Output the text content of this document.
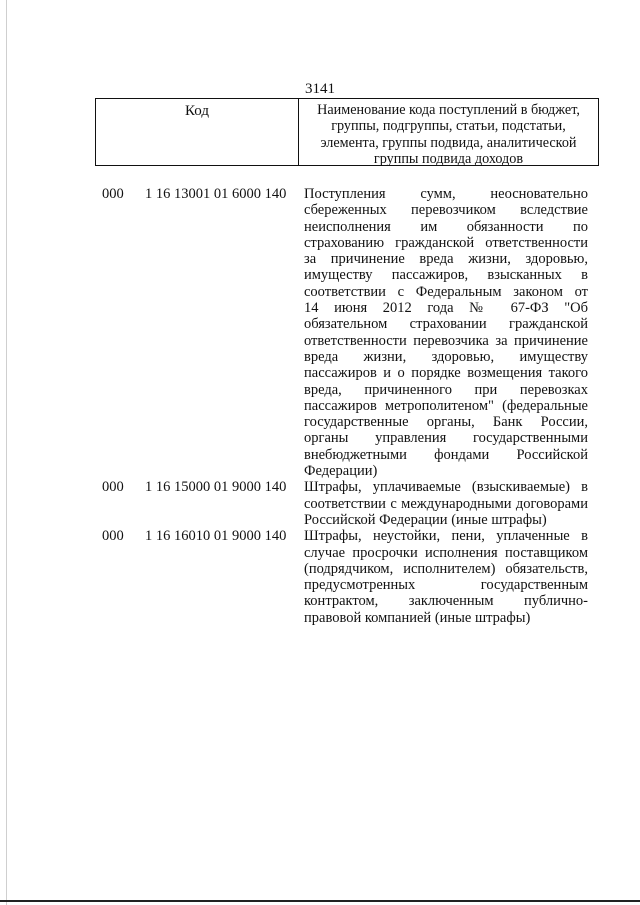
3141
Код	Наименование кода поступлений в бюджет,
группы, подгруппы, статьи, подстатьи,
элемента, группы подвида, аналитической
группы подвида доходов
000 1 16 13001 01 6000 140 Поступления сумм, неосновательно
сбереженных перевозчиком вследствие
неисполнения им обязанности по
страхованию гражданской ответственности
за причинение вреда жизни, здоровью,
имуществу пассажиров, взысканных в
соответствии с Федеральным законом от
14 июня 2012 года № 67-ФЗ "Об
обязательном страховании гражданской
ответственности перевозчика за причинение
вреда жизни, здоровью, имуществу
пассажиров и о порядке возмещения такого
вреда, причиненного при перевозках
пассажиров метрополитеном" (федеральные
государственные органы, Банк России,
органы управления государственными
внебюджетными фондами Российской
Федерации)
000 1 16 15000 01 9000 140 Штрафы, уплачиваемые (взыскиваемые) в
соответствии с международными договорами
Российской Федерации (иные штрафы)
000 1 16 16010 01 9000 140 Штрафы, неустойки, пени, уплаченные в
случае просрочки исполнения поставщиком
(подрядчиком, исполнителем) обязательств,
предусмотренных государственным
контрактом, заключенным публично-
правовой компанией (иные штрафы)
